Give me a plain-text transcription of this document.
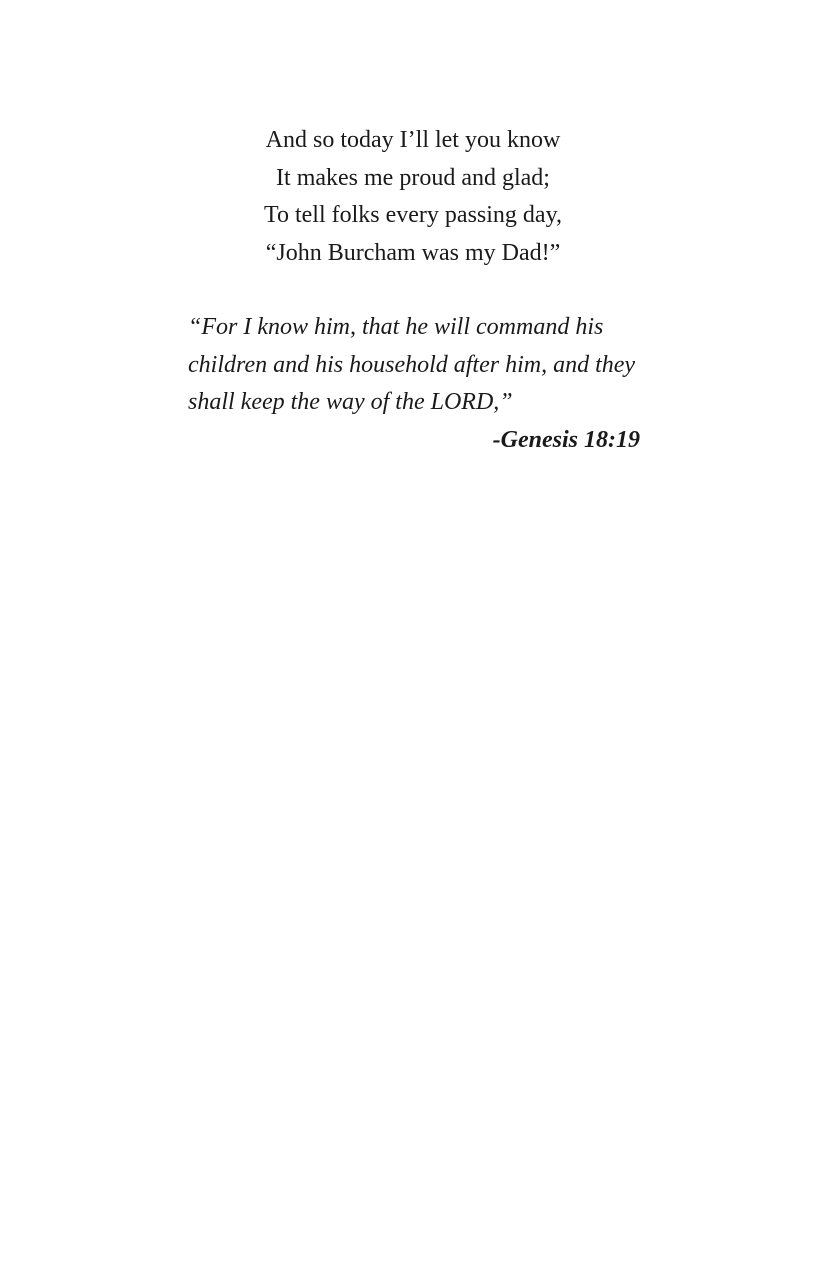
And so today I’ll let you know
It makes me proud and glad;
To tell folks every passing day,
“John Burcham was my Dad!”
“For I know him, that he will command his
children and his household after him, and they
shall keep the way of the LORD,”
-Genesis 18:19
